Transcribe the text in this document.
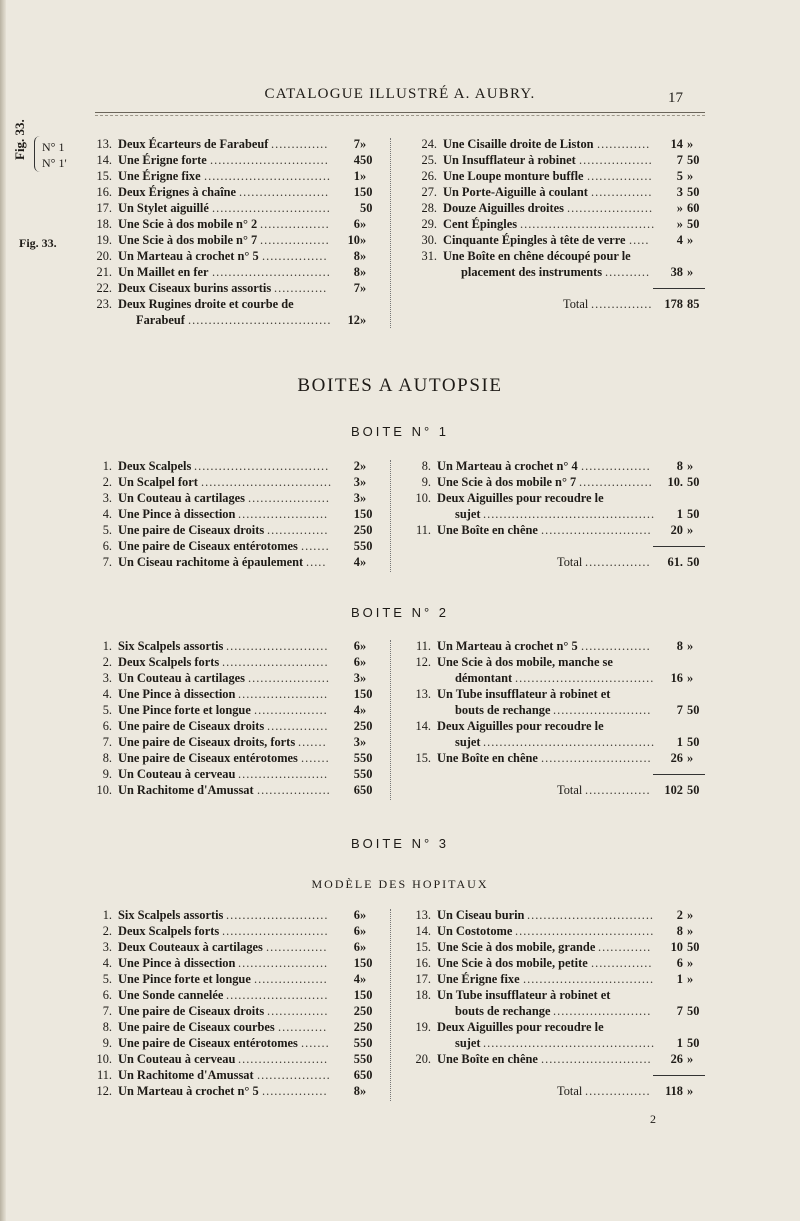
CATALOGUE ILLUSTRÉ A. AUBRY.	17
Fig. 33. N° 1
N° 1'
Fig. 33.
13. Deux Écarteurs de Farabeuf ..............	7 »
14. Une Érigne forte .............................	4 50
15. Une Érigne fixe ...............................	1 »
16. Deux Érignes à chaîne ......................	1 50
17. Un Stylet aiguillé ............................. 50
18. Une Scie à dos mobile n° 2 .................	6 »
19. Une Scie à dos mobile n° 7 .................	10 »
20. Un Marteau à crochet n° 5 ................	8 »
21. Un Maillet en fer .............................	8 »
22. Deux Ciseaux burins assortis .............	7 »
23. Deux Rugines droite et courbe de
Farabeuf ...................................	12 »
24. Une Cisaille droite de Liston .............	14 »
25. Un Insufflateur à robinet ..................	7 50
26. Une Loupe monture buffle ................	5 »
27. Un Porte-Aiguille à coulant ...............	3 50
28. Douze Aiguilles droites .....................	» 60
29. Cent Épingles .................................	» 50
30. Cinquante Épingles à tête de verre .....	4 »
31. Une Boîte en chêne découpé pour le
placement des instruments ...........	38 »
Total ............... 178 85
BOITES A AUTOPSIE
BOITE N° 1
1. Deux Scalpels .................................	2 »
2. Un Scalpel fort ................................	3 »
3. Un Couteau à cartilages ....................	3 »
4. Une Pince à dissection ......................	1 50
5. Une paire de Ciseaux droits ...............	2 50
6. Une paire de Ciseaux entérotomes .......	5 50
7. Un Ciseau rachitome à épaulement .....	4 »
8. Un Marteau à crochet n° 4 .................	8 »
9. Une Scie à dos mobile n° 7 ..................	10. 50
10. Deux Aiguilles pour recoudre le
sujet ..........................................	1 50
11. Une Boîte en chêne ...........................	20 »
Total ................	61. 50
BOITE N° 2
1. Six Scalpels assortis .........................	6 »
2. Deux Scalpels forts ..........................	6 »
3. Un Couteau à cartilages ....................	3 »
4. Une Pince à dissection ......................	1 50
5. Une Pince forte et longue ..................	4 »
6. Une paire de Ciseaux droits ...............	2 50
7. Une paire de Ciseaux droits, forts .......	3 »
8. Une paire de Ciseaux entérotomes .......	5 50
9. Un Couteau à cerveau ......................	5 50
10. Un Rachitome d'Amussat ..................	6 50
11. Un Marteau à crochet n° 5 .................	8 »
12. Une Scie à dos mobile, manche se
démontant ..................................	16 »
13. Un Tube insufflateur à robinet et
bouts de rechange ........................	7 50
14. Deux Aiguilles pour recoudre le
sujet ..........................................	1 50
15. Une Boîte en chêne ...........................	26 »
Total ................	102 50
BOITE N° 3
MODÈLE DES HOPITAUX
1. Six Scalpels assortis .........................	6 »
2. Deux Scalpels forts ..........................	6 »
3. Deux Couteaux à cartilages ...............	6 »
4. Une Pince à dissection ......................	1 50
5. Une Pince forte et longue ..................	4 »
6. Une Sonde cannelée .........................	1 50
7. Une paire de Ciseaux droits ...............	2 50
8. Une paire de Ciseaux courbes ............	2 50
9. Une paire de Ciseaux entérotomes .......	5 50
10. Un Couteau à cerveau ......................	5 50
11. Un Rachitome d'Amussat ..................	6 50
12. Un Marteau à crochet n° 5 ................	8 »
13. Un Ciseau burin ...............................	2 »
14. Un Costotome ..................................	8 »
15. Une Scie à dos mobile, grande .............	10 50
16. Une Scie à dos mobile, petite ...............	6 »
17. Une Érigne fixe ................................	1 »
18. Un Tube insufflateur à robinet et
bouts de rechange ........................	7 50
19. Deux Aiguilles pour recoudre le
sujet ..........................................	1 50
20. Une Boîte en chêne ...........................	26 »
Total ................	118 »
2
